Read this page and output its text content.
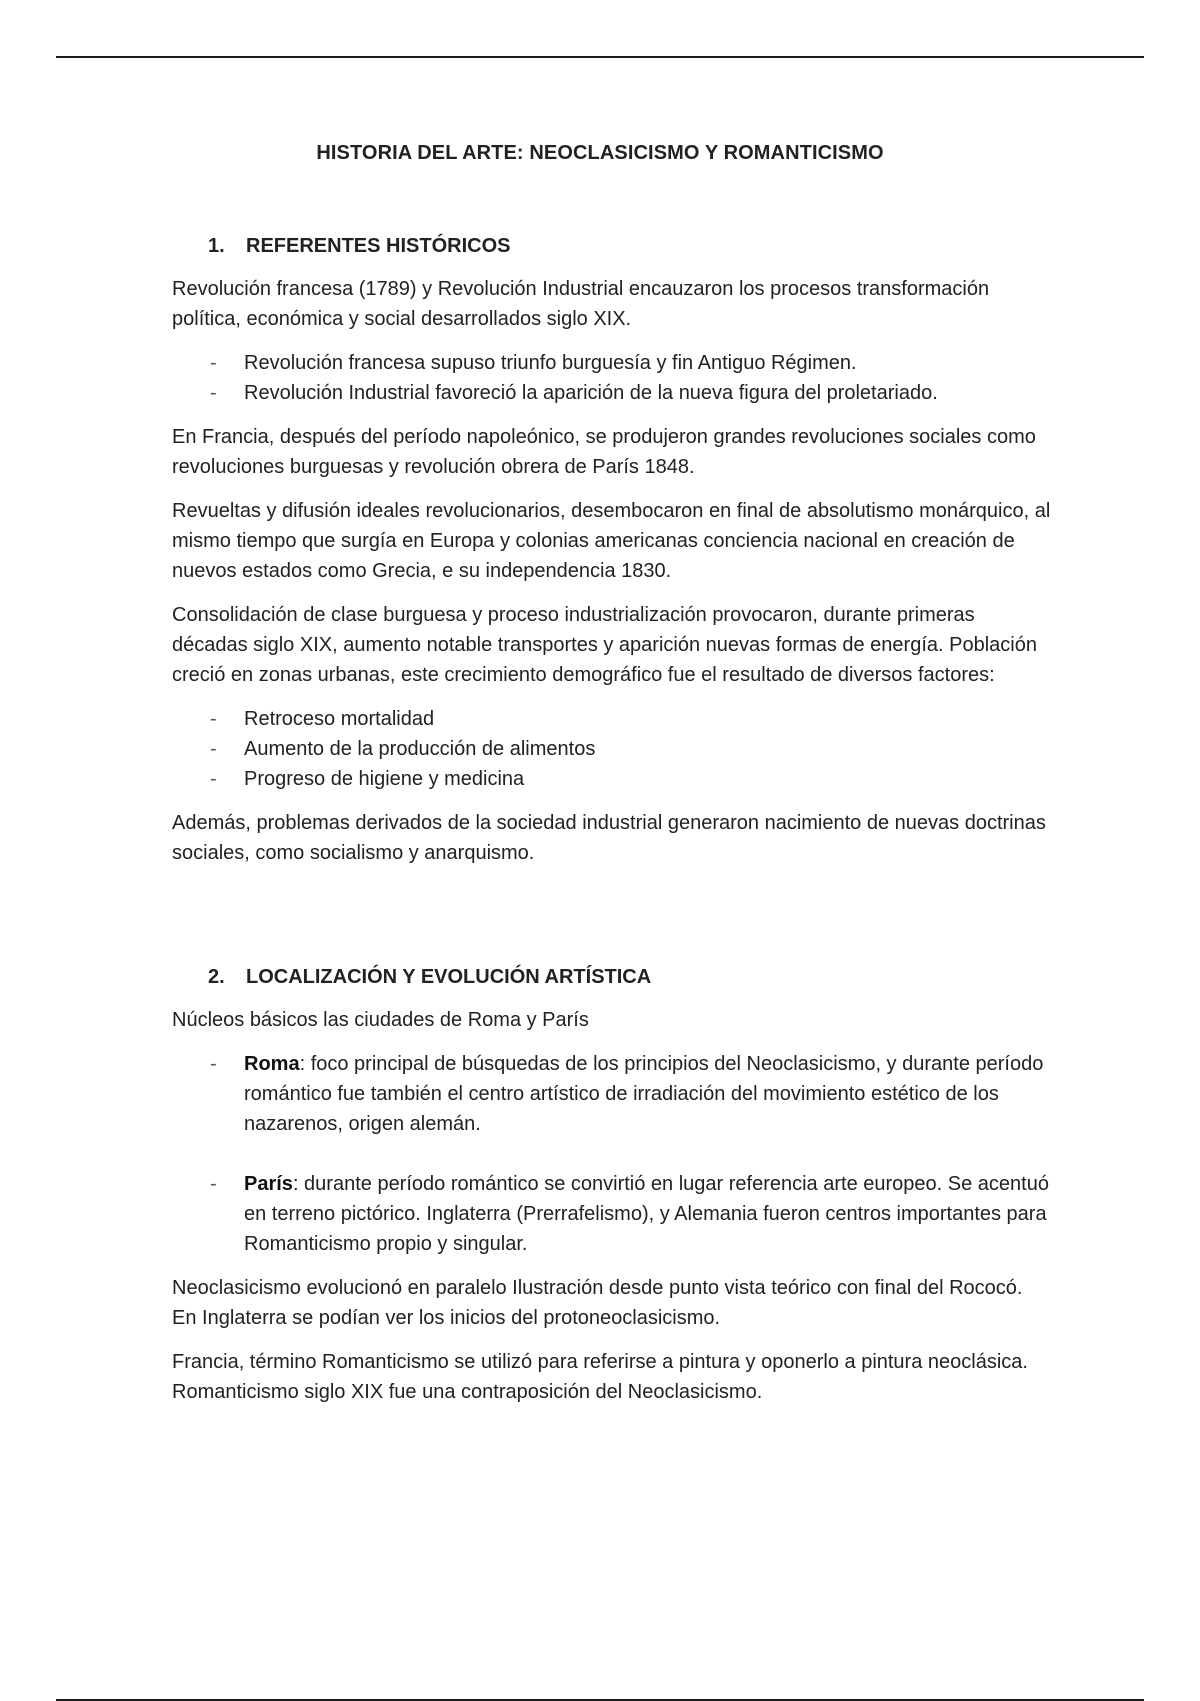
HISTORIA DEL ARTE: NEOCLASICISMO Y ROMANTICISMO
1. REFERENTES HISTÓRICOS

Revolución francesa (1789) y Revolución Industrial encauzaron los procesos transformación política, económica y social desarrollados siglo XIX.

- Revolución francesa supuso triunfo burguesía y fin Antiguo Régimen.
- Revolución Industrial favoreció la aparición de la nueva figura del proletariado.

En Francia, después del período napoleónico, se produjeron grandes revoluciones sociales como revoluciones burguesas y revolución obrera de París 1848.

Revueltas y difusión ideales revolucionarios, desembocaron en final de absolutismo monárquico, al mismo tiempo que surgía en Europa y colonias americanas conciencia nacional en creación de nuevos estados como Grecia, e su independencia 1830.

Consolidación de clase burguesa y proceso industrialización provocaron, durante primeras décadas siglo XIX, aumento notable transportes y aparición nuevas formas de energía. Población creció en zonas urbanas, este crecimiento demográfico fue el resultado de diversos factores:

- Retroceso mortalidad
- Aumento de la producción de alimentos
- Progreso de higiene y medicina

Además, problemas derivados de la sociedad industrial generaron nacimiento de nuevas doctrinas sociales, como socialismo y anarquismo.

2. LOCALIZACIÓN Y EVOLUCIÓN ARTÍSTICA

Núcleos básicos las ciudades de Roma y París

- Roma: foco principal de búsquedas de los principios del Neoclasicismo, y durante período romántico fue también el centro artístico de irradiación del movimiento estético de los nazarenos, origen alemán.
- París: durante período romántico se convirtió en lugar referencia arte europeo. Se acentuó en terreno pictórico. Inglaterra (Prerrafelismo), y Alemania fueron centros importantes para Romanticismo propio y singular.

Neoclasicismo evolucionó en paralelo Ilustración desde punto vista teórico con final del Rococó. En Inglaterra se podían ver los inicios del protoneoclasicismo.

Francia, término Romanticismo se utilizó para referirse a pintura y oponerlo a pintura neoclásica. Romanticismo siglo XIX fue una contraposición del Neoclasicismo.
